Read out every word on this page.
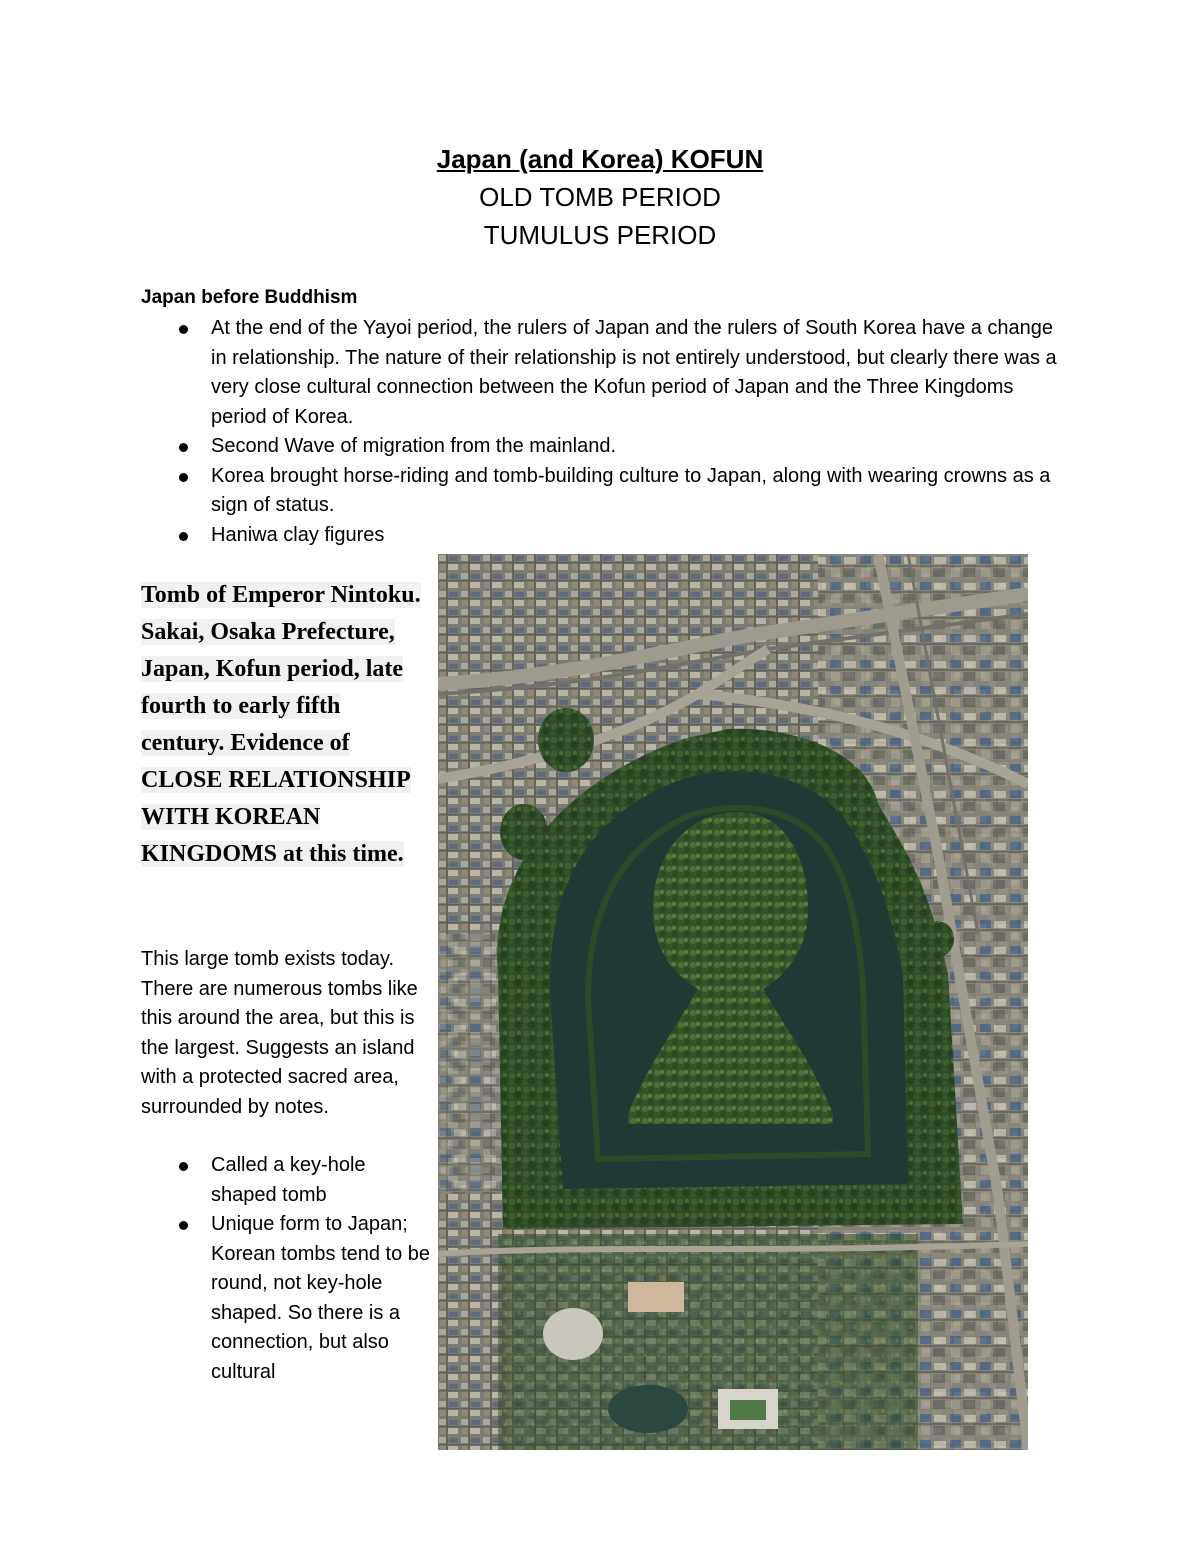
Japan (and Korea) KOFUN

OLD TOMB PERIOD

TUMULUS PERIOD

Japan before Buddhism

At the end of the Yayoi period, the rulers of Japan and the rulers of South Korea have a change in relationship. The nature of their relationship is not entirely understood, but clearly there was a very close cultural connection between the Kofun period of Japan and the Three Kingdoms period of Korea.
Second Wave of migration from the mainland.
Korea brought horse-riding and tomb-building culture to Japan, along with wearing crowns as a sign of status.
Haniwa clay figures
Tomb of Emperor Nintoku. Sakai, Osaka Prefecture, Japan, Kofun period, late fourth to early fifth century. Evidence of CLOSE RELATIONSHIP WITH KOREAN KINGDOMS at this time.

This large tomb exists today. There are numerous tombs like this around the area, but this is the largest. Suggests an island with a protected sacred area, surrounded by notes.

Called a key-hole shaped tomb
Unique form to Japan; Korean tombs tend to be round, not key-hole shaped. So there is a connection, but also cultural
